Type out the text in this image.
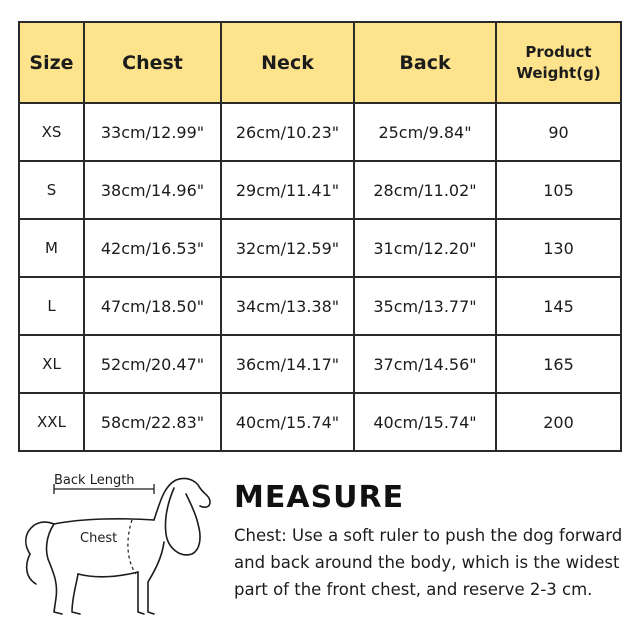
Size	Chest	Neck	Back	Product
Weight(g)

XS	33cm/12.99"	26cm/10.23"	25cm/9.84"	90
S	38cm/14.96"	29cm/11.41"	28cm/11.02"	105
M	42cm/16.53"	32cm/12.59"	31cm/12.20"	130
L	47cm/18.50"	34cm/13.38"	35cm/13.77"	145
XL	52cm/20.47"	36cm/14.17"	37cm/14.56"	165
XXL	58cm/22.83"	40cm/15.74"	40cm/15.74"	200
Back Length
Chest
MEASURE
Chest: Use a soft ruler to push the dog forward and back around the body, which is the widest part of the front chest, and reserve 2-3 cm.
